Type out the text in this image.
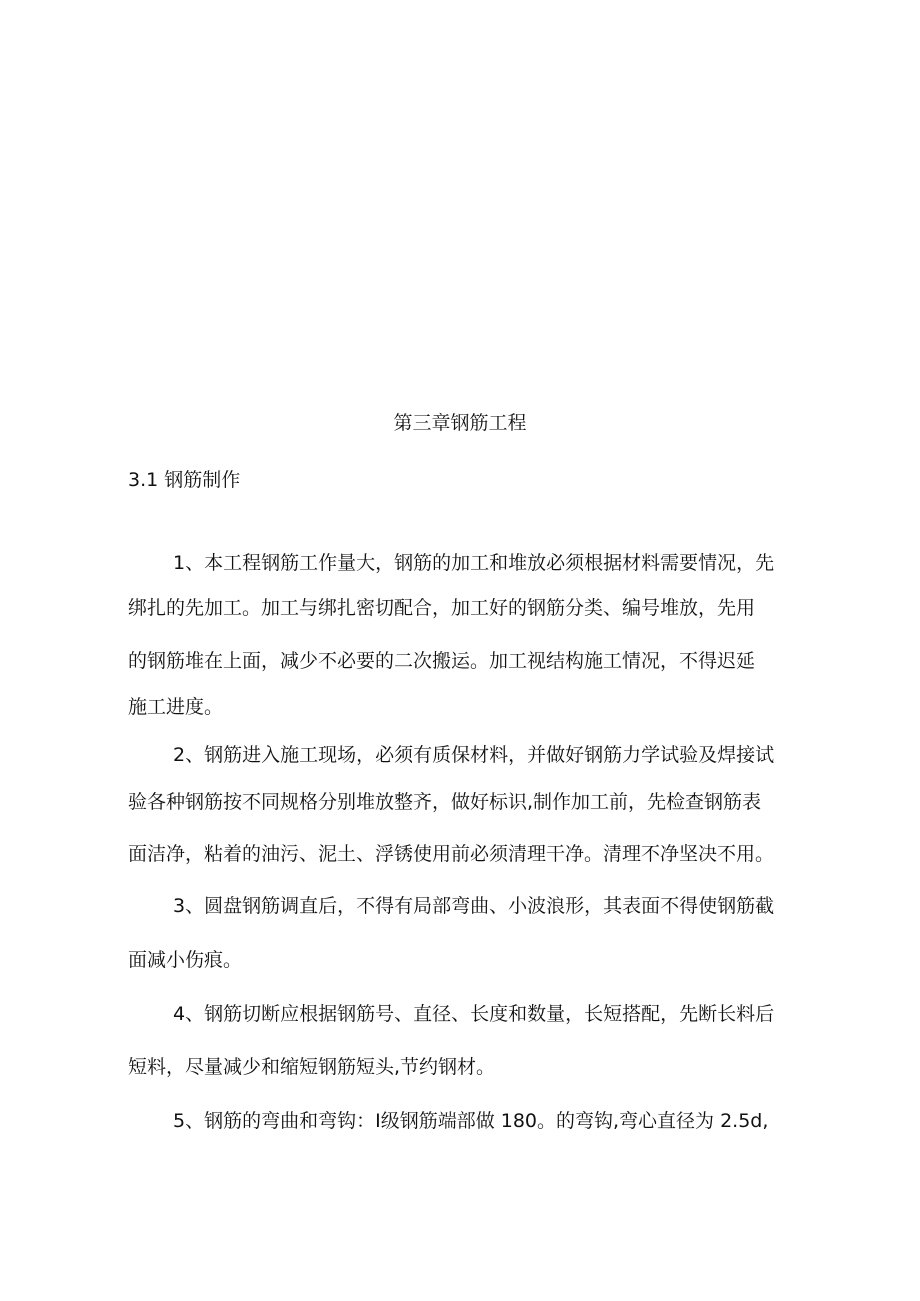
第三章钢筋工程
3.1 钢筋制作
1、本工程钢筋工作量大，钢筋的加工和堆放必须根据材料需要情况，先
绑扎的先加工。加工与绑扎密切配合，加工好的钢筋分类、编号堆放，先用
的钢筋堆在上面，减少不必要的二次搬运。加工视结构施工情况，不得迟延
施工进度。
2、钢筋进入施工现场，必须有质保材料，并做好钢筋力学试验及焊接试
验各种钢筋按不同规格分别堆放整齐，做好标识,制作加工前，先检查钢筋表
面洁净，粘着的油污、泥土、浮锈使用前必须清理干净。清理不净坚决不用。
3、圆盘钢筋调直后，不得有局部弯曲、小波浪形，其表面不得使钢筋截
面减小伤痕。
4、钢筋切断应根据钢筋号、直径、长度和数量，长短搭配，先断长料后
短料，尽量减少和缩短钢筋短头,节约钢材。
5、钢筋的弯曲和弯钩：Ⅰ级钢筋端部做 180。的弯钩,弯心直径为 2.5d,
